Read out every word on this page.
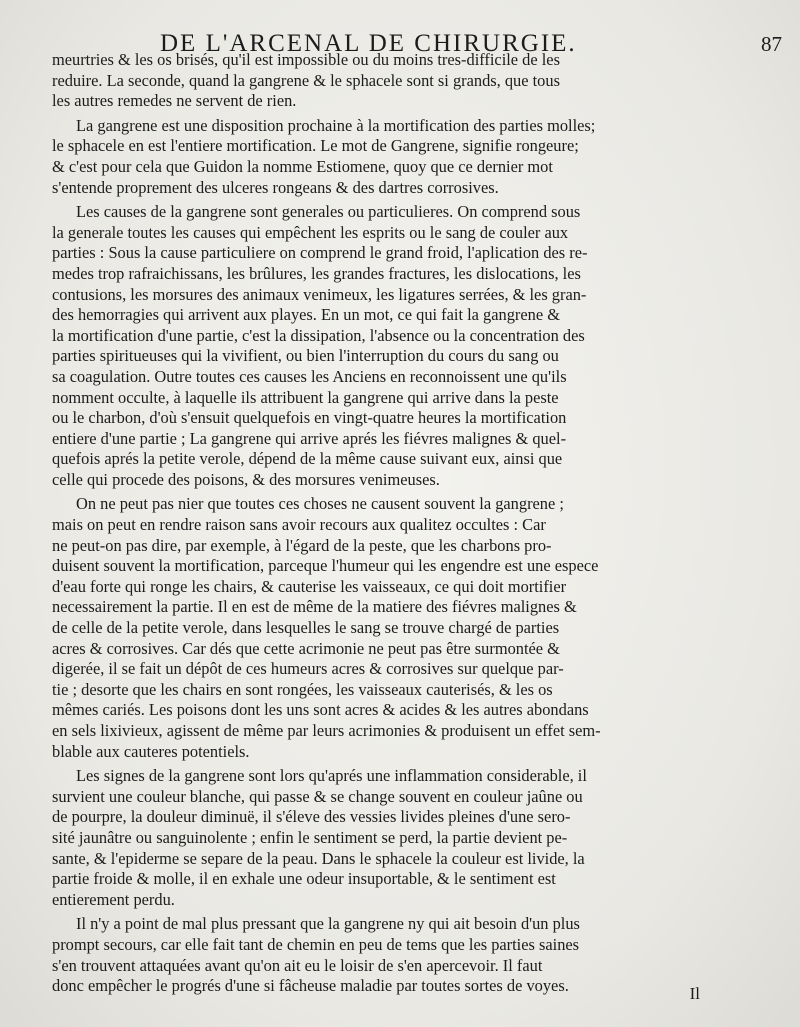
DE L'ARCENAL DE CHIRURGIE.	87

meurtries & les os brisés, qu'il est impossible ou du moins tres-difficile de les
reduire. La seconde, quand la gangrene & le sphacele sont si grands, que tous
les autres remedes ne servent de rien.

La gangrene est une disposition prochaine à la mortification des parties molles;
le sphacele en est l'entiere mortification. Le mot de Gangrene, signifie rongeure;
& c'est pour cela que Guidon la nomme Estiomene, quoy que ce dernier mot
s'entende proprement des ulceres rongeans & des dartres corrosives.

Les causes de la gangrene sont generales ou particulieres. On comprend sous
la generale toutes les causes qui empêchent les esprits ou le sang de couler aux
parties : Sous la cause particuliere on comprend le grand froid, l'aplication des re-
medes trop rafraichissans, les brûlures, les grandes fractures, les dislocations, les
contusions, les morsures des animaux venimeux, les ligatures serrées, & les gran-
des hemorragies qui arrivent aux playes. En un mot, ce qui fait la gangrene &
la mortification d'une partie, c'est la dissipation, l'absence ou la concentration des
parties spiritueuses qui la vivifient, ou bien l'interruption du cours du sang ou
sa coagulation. Outre toutes ces causes les Anciens en reconnoissent une qu'ils
nomment occulte, à laquelle ils attribuent la gangrene qui arrive dans la peste
ou le charbon, d'où s'ensuit quelquefois en vingt-quatre heures la mortification
entiere d'une partie ; La gangrene qui arrive aprés les fiévres malignes & quel-
quefois aprés la petite verole, dépend de la même cause suivant eux, ainsi que
celle qui procede des poisons, & des morsures venimeuses.

On ne peut pas nier que toutes ces choses ne causent souvent la gangrene ;
mais on peut en rendre raison sans avoir recours aux qualitez occultes : Car
ne peut-on pas dire, par exemple, à l'égard de la peste, que les charbons pro-
duisent souvent la mortification, parceque l'humeur qui les engendre est une espece
d'eau forte qui ronge les chairs, & cauterise les vaisseaux, ce qui doit mortifier
necessairement la partie. Il en est de même de la matiere des fiévres malignes &
de celle de la petite verole, dans lesquelles le sang se trouve chargé de parties
acres & corrosives. Car dés que cette acrimonie ne peut pas être surmontée &
digerée, il se fait un dépôt de ces humeurs acres & corrosives sur quelque par-
tie ; desorte que les chairs en sont rongées, les vaisseaux cauterisés, & les os
mêmes cariés. Les poisons dont les uns sont acres & acides & les autres abondans
en sels lixivieux, agissent de même par leurs acrimonies & produisent un effet sem-
blable aux cauteres potentiels.

Les signes de la gangrene sont lors qu'aprés une inflammation considerable, il
survient une couleur blanche, qui passe & se change souvent en couleur jaûne ou
de pourpre, la douleur diminuë, il s'éleve des vessies livides pleines d'une sero-
sité jaunâtre ou sanguinolente ; enfin le sentiment se perd, la partie devient pe-
sante, & l'epiderme se separe de la peau. Dans le sphacele la couleur est livide, la
partie froide & molle, il en exhale une odeur insuportable, & le sentiment est
entierement perdu.

Il n'y a point de mal plus pressant que la gangrene ny qui ait besoin d'un plus
prompt secours, car elle fait tant de chemin en peu de tems que les parties saines
s'en trouvent attaquées avant qu'on ait eu le loisir de s'en apercevoir. Il faut
donc empêcher le progrés d'une si fâcheuse maladie par toutes sortes de voyes.	Il
